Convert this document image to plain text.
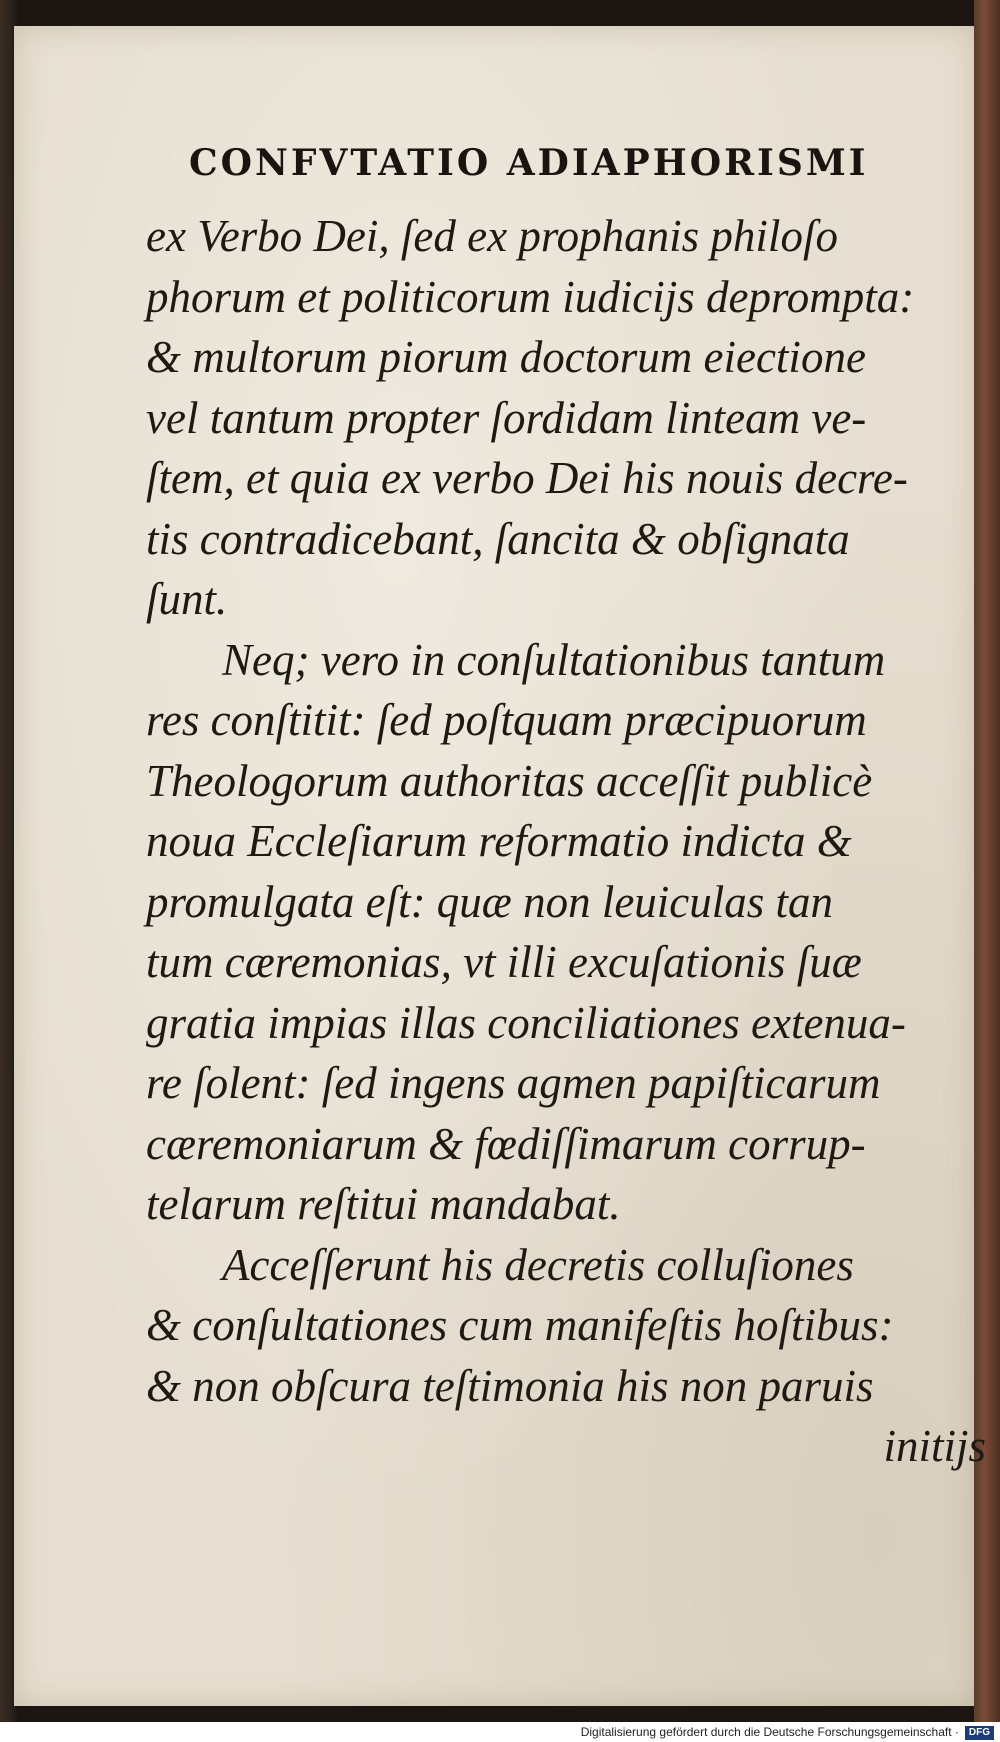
CONFVTATIO ADIAPHORISMI
ex Verbo Dei, ſed ex prophanis philoſo
phorum et politicorum iudicijs deprompta:
& multorum piorum doctorum eiectione
vel tantum propter ſordidam linteam ve-
ſtem, et quia ex verbo Dei his nouis decre-
tis contradicebant, ſancita & obſignata
ſunt.
Neq; vero in conſultationibus tantum
res conſtitit: ſed poſtquam præcipuorum
Theologorum authoritas acceſſit publicè
noua Eccleſiarum reformatio indicta &
promulgata eſt: quæ non leuiculas tan
tum cæremonias, vt illi excuſationis ſuæ
gratia impias illas conciliationes extenua-
re ſolent: ſed ingens agmen papiſticarum
cæremoniarum & fœdiſſimarum corrup-
telarum reſtitui mandabat.
Acceſſerunt his decretis colluſiones
& conſultationes cum manifeſtis hoſtibus:
& non obſcura teſtimonia his non paruis
initijs
Digitalisierung gefördert durch die Deutsche Forschungsgemeinschaft · DFG
